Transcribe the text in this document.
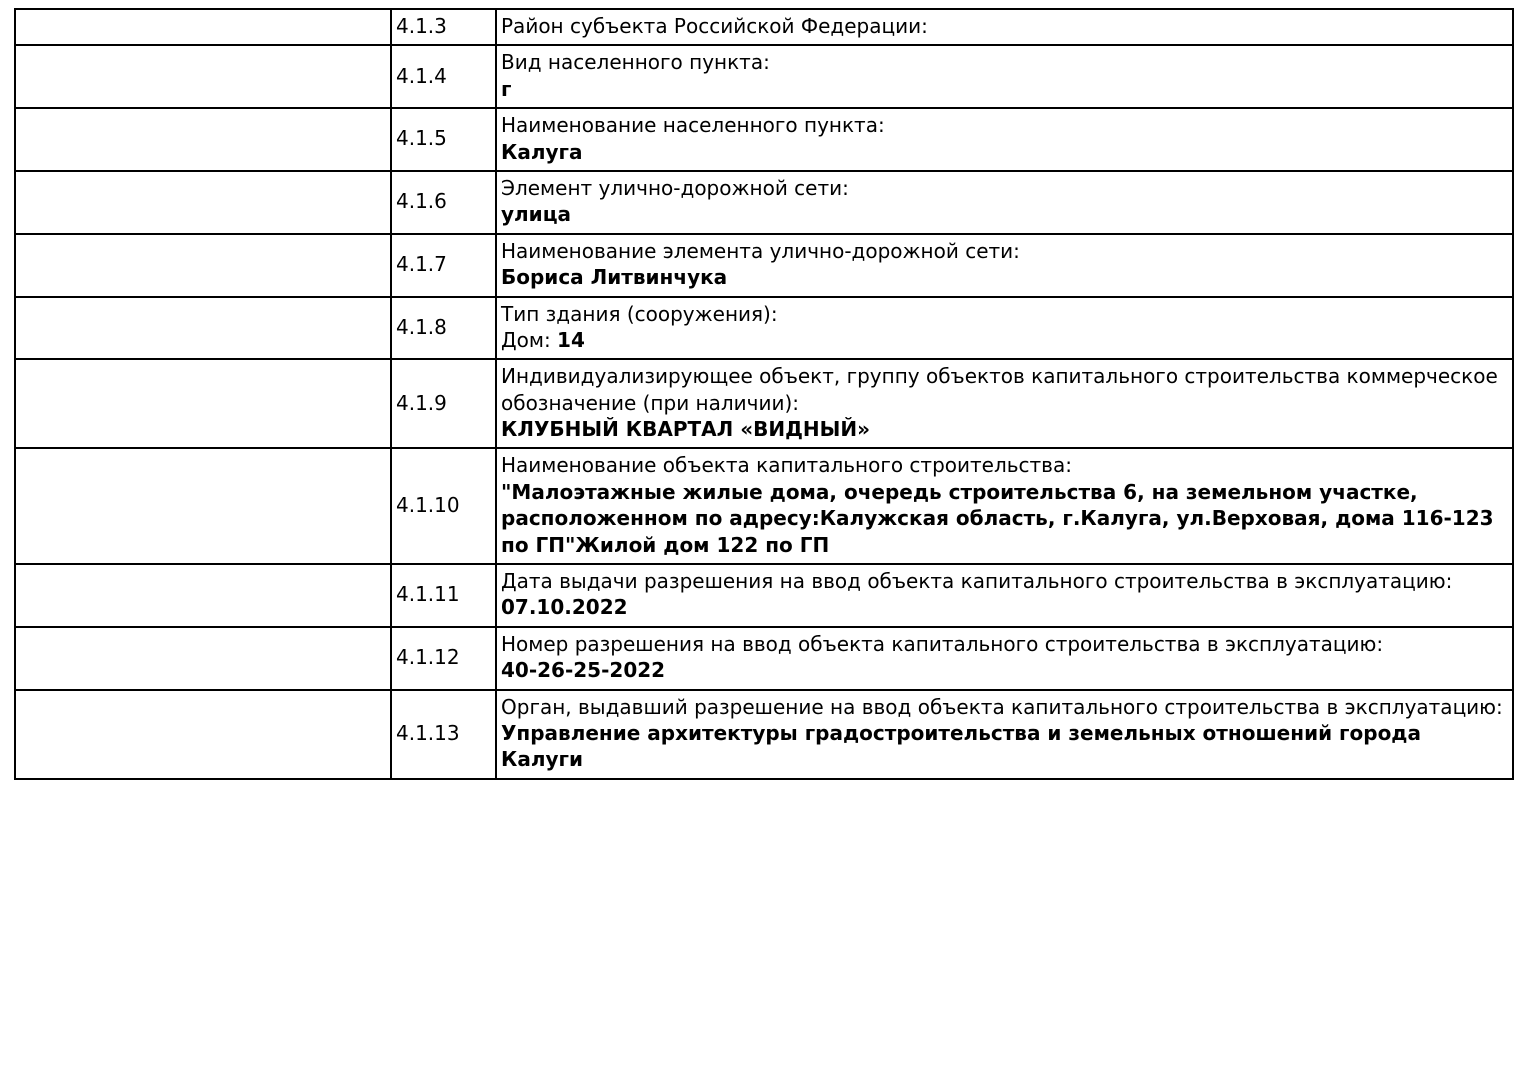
	4.1.3	Район субъекта Российской Федерации:

	4.1.4	Вид населенного пункта:
г

	4.1.5	Наименование населенного пункта:
Калуга

	4.1.6	Элемент улично-дорожной сети:
улица

	4.1.7	Наименование элемента улично-дорожной сети:
Бориса Литвинчука

	4.1.8	Тип здания (сооружения):
Дом: 14

	4.1.9	Индивидуализирующее объект, группу объектов капитального строительства коммерческое обозначение (при наличии):
КЛУБНЫЙ КВАРТАЛ «ВИДНЫЙ»

	4.1.10	Наименование объекта капитального строительства:
"Малоэтажные жилые дома, очередь строительства 6, на земельном участке, расположенном по адресу:Калужская область, г.Калуга, ул.Верховая, дома 116-123 по ГП"Жилой дом 122 по ГП

	4.1.11	Дата выдачи разрешения на ввод объекта капитального строительства в эксплуатацию:
07.10.2022

	4.1.12	Номер разрешения на ввод объекта капитального строительства в эксплуатацию:
40-26-25-2022

	4.1.13	Орган, выдавший разрешение на ввод объекта капитального строительства в эксплуатацию:
Управление архитектуры градостроительства и земельных отношений города Калуги
